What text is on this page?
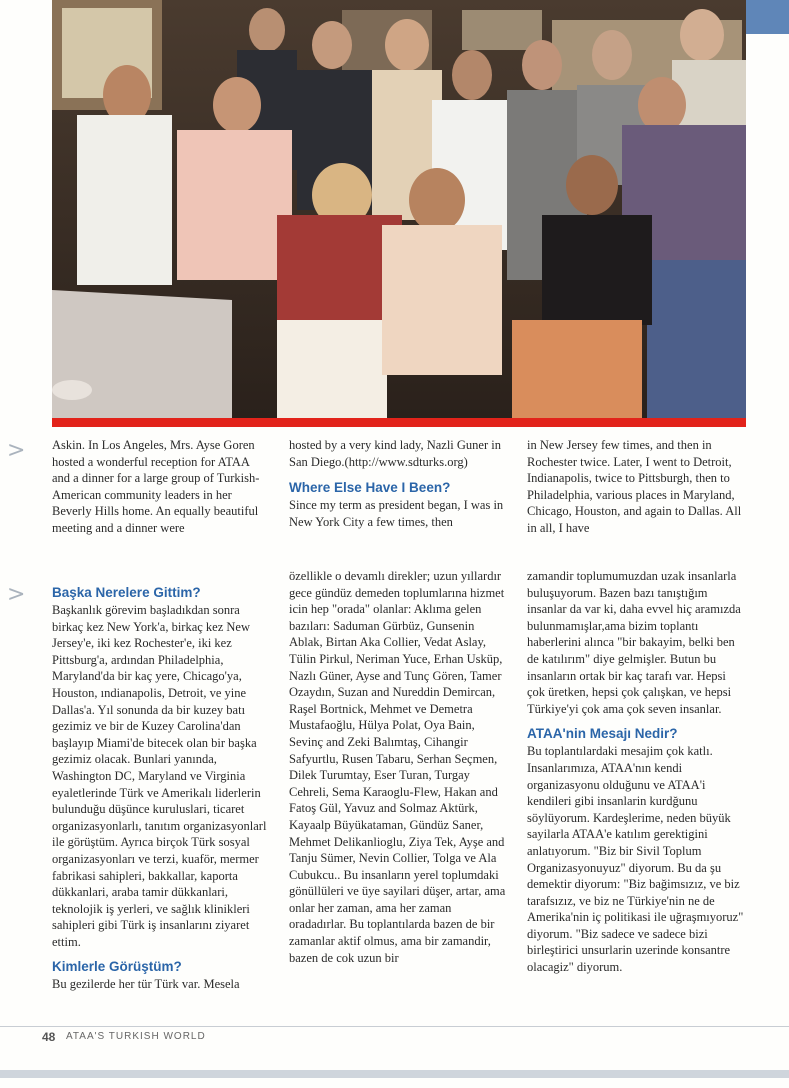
>
>

Askin. In Los Angeles, Mrs. Ayse Goren hosted a wonderful reception for ATAA and a dinner for a large group of Turkish-American community leaders in her Beverly Hills home. An equally beautiful meeting and a dinner were

hosted by a very kind lady, Nazli Guner in San Diego.(http://www.sdturks.org)

Where Else Have I Been?

Since my term as president began, I was in New York City a few times, then

in New Jersey few times, and then in Rochester twice. Later, I went to Detroit, Indianapolis, twice to Pittsburgh, then to Philadelphia, various places in Maryland, Chicago, Houston, and again to Dallas. All in all, I have

Başka Nerelere Gittim?

Başkanlık görevim başladıkdan sonra birkaç kez New York'a, birkaç kez New Jersey'e, iki kez Rochester'e, iki kez Pittsburg'a, ardından Philadelphia, Maryland'da bir kaç yere, Chicago'ya, Houston, ındianapolis, Detroit, ve yine Dallas'a. Yıl sonunda da bir kuzey batı gezimiz ve bir de Kuzey Carolina'dan başlayıp Miami'de bitecek olan bir başka gezimiz olacak. Bunlari yanında, Washington DC, Maryland ve Virginia eyaletlerinde Türk ve Amerikalı liderlerin bulunduğu düşünce kuruluslari, ticaret organizasyonlarlı, tanıtım organizasyonlarl ile görüştüm. Ayrıca birçok Türk sosyal organizasyonları ve terzi, kuaför, mermer fabrikasi sahipleri, bakkallar, kaporta dükkanlari, araba tamir dükkanlari, teknolojik iş yerleri, ve sağlık klinikleri sahipleri gibi Türk iş insanlarını ziyaret ettim.

Kimlerle Görüştüm?

Bu gezilerde her tür Türk var. Mesela

özellikle o devamlı direkler; uzun yıllardır gece gündüz demeden toplumlarına hizmet icin hep "orada" olanlar: Aklıma gelen bazıları: Saduman Gürbüz, Gunsenin Ablak, Birtan Aka Collier, Vedat Aslay, Tülin Pirkul, Neriman Yuce, Erhan Usküp, Nazlı Güner, Ayse and Tunç Gören, Tamer Ozaydın, Suzan and Nureddin Demircan, Raşel Bortnick, Mehmet ve Demetra Mustafaoğlu, Hülya Polat, Oya Bain, Sevinç and Zeki Balımtaş, Cihangir Safyurtlu, Rusen Tabaru, Serhan Seçmen, Dilek Turumtay, Eser Turan, Turgay Cehreli, Sema Karaoglu-Flew, Hakan and Fatoş Gül, Yavuz and Solmaz Aktürk, Kayaalp Büyükataman, Gündüz Saner, Mehmet Delikanlioglu, Ziya Tek, Ayşe and Tanju Sümer, Nevin Collier, Tolga ve Ala Cubukcu.. Bu insanların yerel toplumdaki gönüllüleri ve üye sayilari düşer, artar, ama onlar her zaman, ama her zaman oradadırlar. Bu toplantılarda bazen de bir zamanlar aktif olmus, ama bir zamandir, bazen de cok uzun bir

zamandir toplumumuzdan uzak insanlarla buluşuyorum. Bazen bazı tanıştığım insanlar da var ki, daha evvel hiç aramızda bulunmamışlar,ama bizim toplantı haberlerini alınca "bir bakayim, belki ben de katılırım" diye gelmişler. Butun bu insanların ortak bir kaç tarafı var. Hepsi çok üretken, hepsi çok çalışkan, ve hepsi Türkiye'yi çok ama çok seven insanlar.

ATAA'nin Mesajı Nedir?

Bu toplantılardaki mesajim çok katlı. Insanlarımıza, ATAA'nın kendi organizasyonu olduğunu ve ATAA'i kendileri gibi insanlarin kurdğunu söylüyorum. Kardeşlerime, neden büyük sayilarla ATAA'e katılım gerektigini anlatıyorum. "Biz bir Sivil Toplum Organizasyonuyuz" diyorum. Bu da şu demektir diyorum: "Biz bağimsızız, ve biz tarafsızız, ve biz ne Türkiye'nin ne de Amerika'nin iç politikasi ile uğraşmıyoruz" diyorum. "Biz sadece ve sadece bizi birleştirici unsurlarin uzerinde konsantre olacagiz" diyorum.

48 ATAA'S TURKISH WORLD
